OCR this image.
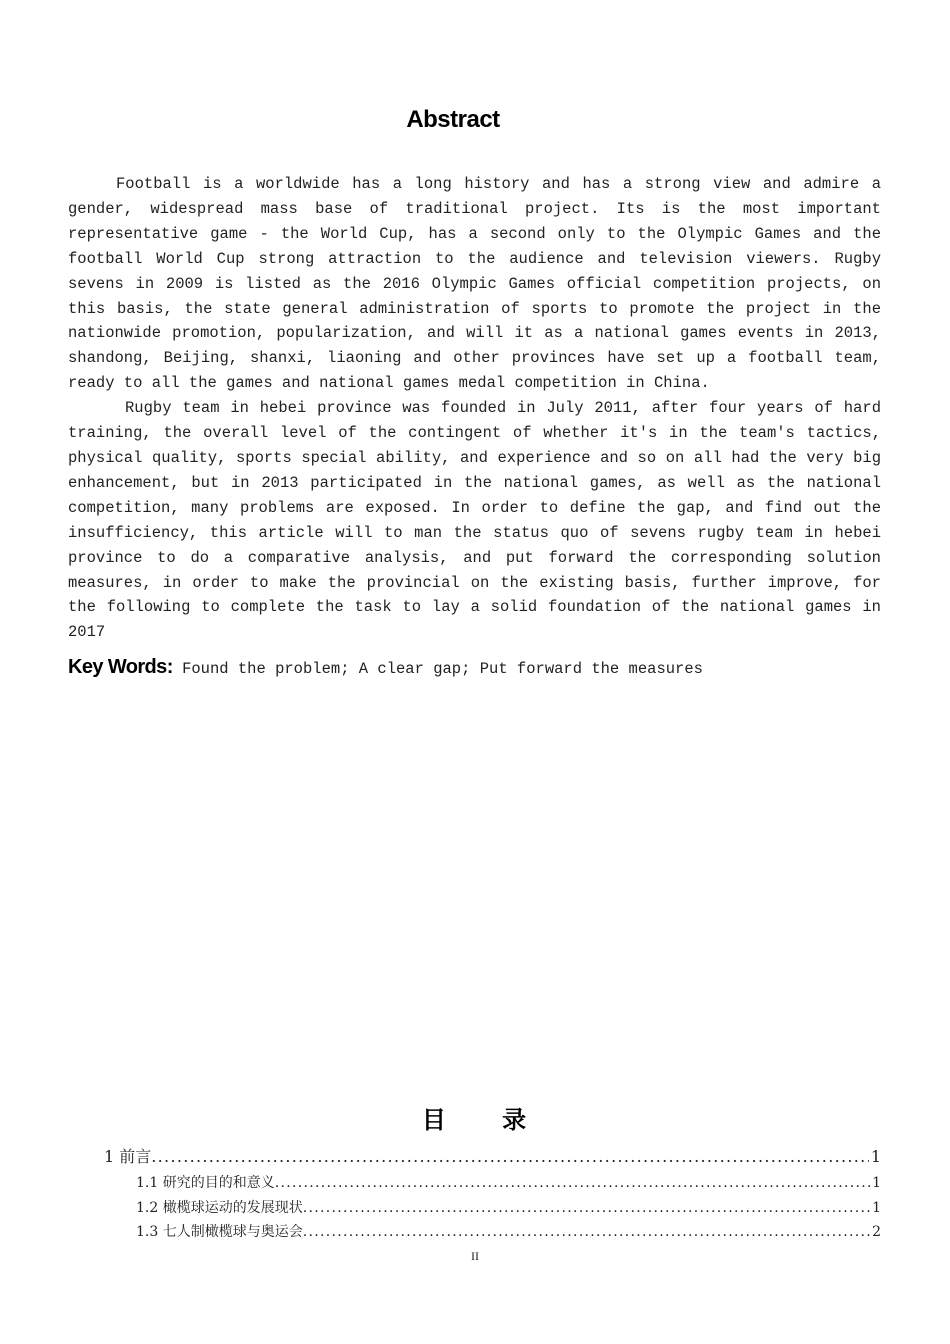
Abstract

Football is a worldwide has a long history and has a strong view and admire a gender, widespread mass base of traditional project. Its is the most important representative game - the World Cup, has a second only to the Olympic Games and the football World Cup strong attraction to the audience and television viewers. Rugby sevens in 2009 is listed as the 2016 Olympic Games official competition projects, on this basis, the state general administration of sports to promote the project in the nationwide promotion, popularization, and will it as a national games events in 2013, shandong, Beijing, shanxi, liaoning and other provinces have set up a football team, ready to all the games and national games medal competition in China.

Rugby team in hebei province was founded in July 2011, after four years of hard training, the overall level of the contingent of whether it's in the team's tactics, physical quality, sports special ability, and experience and so on all had the very big enhancement, but in 2013 participated in the national games, as well as the national competition, many problems are exposed. In order to define the gap, and find out the insufficiency, this article will to man the status quo of sevens rugby team in hebei province to do a comparative analysis, and put forward the corresponding solution measures, in order to make the provincial on the existing basis, further improve, for the following to complete the task to lay a solid foundation of the national games in 2017

Key Words: Found the problem; A clear gap; Put forward the measures
目 录
1 前言 .....	1
1.1 研究的目的和意义 .....	1
1.2 橄榄球运动的发展现状 .....	1
1.3 七人制橄榄球与奥运会 .....	2
II
